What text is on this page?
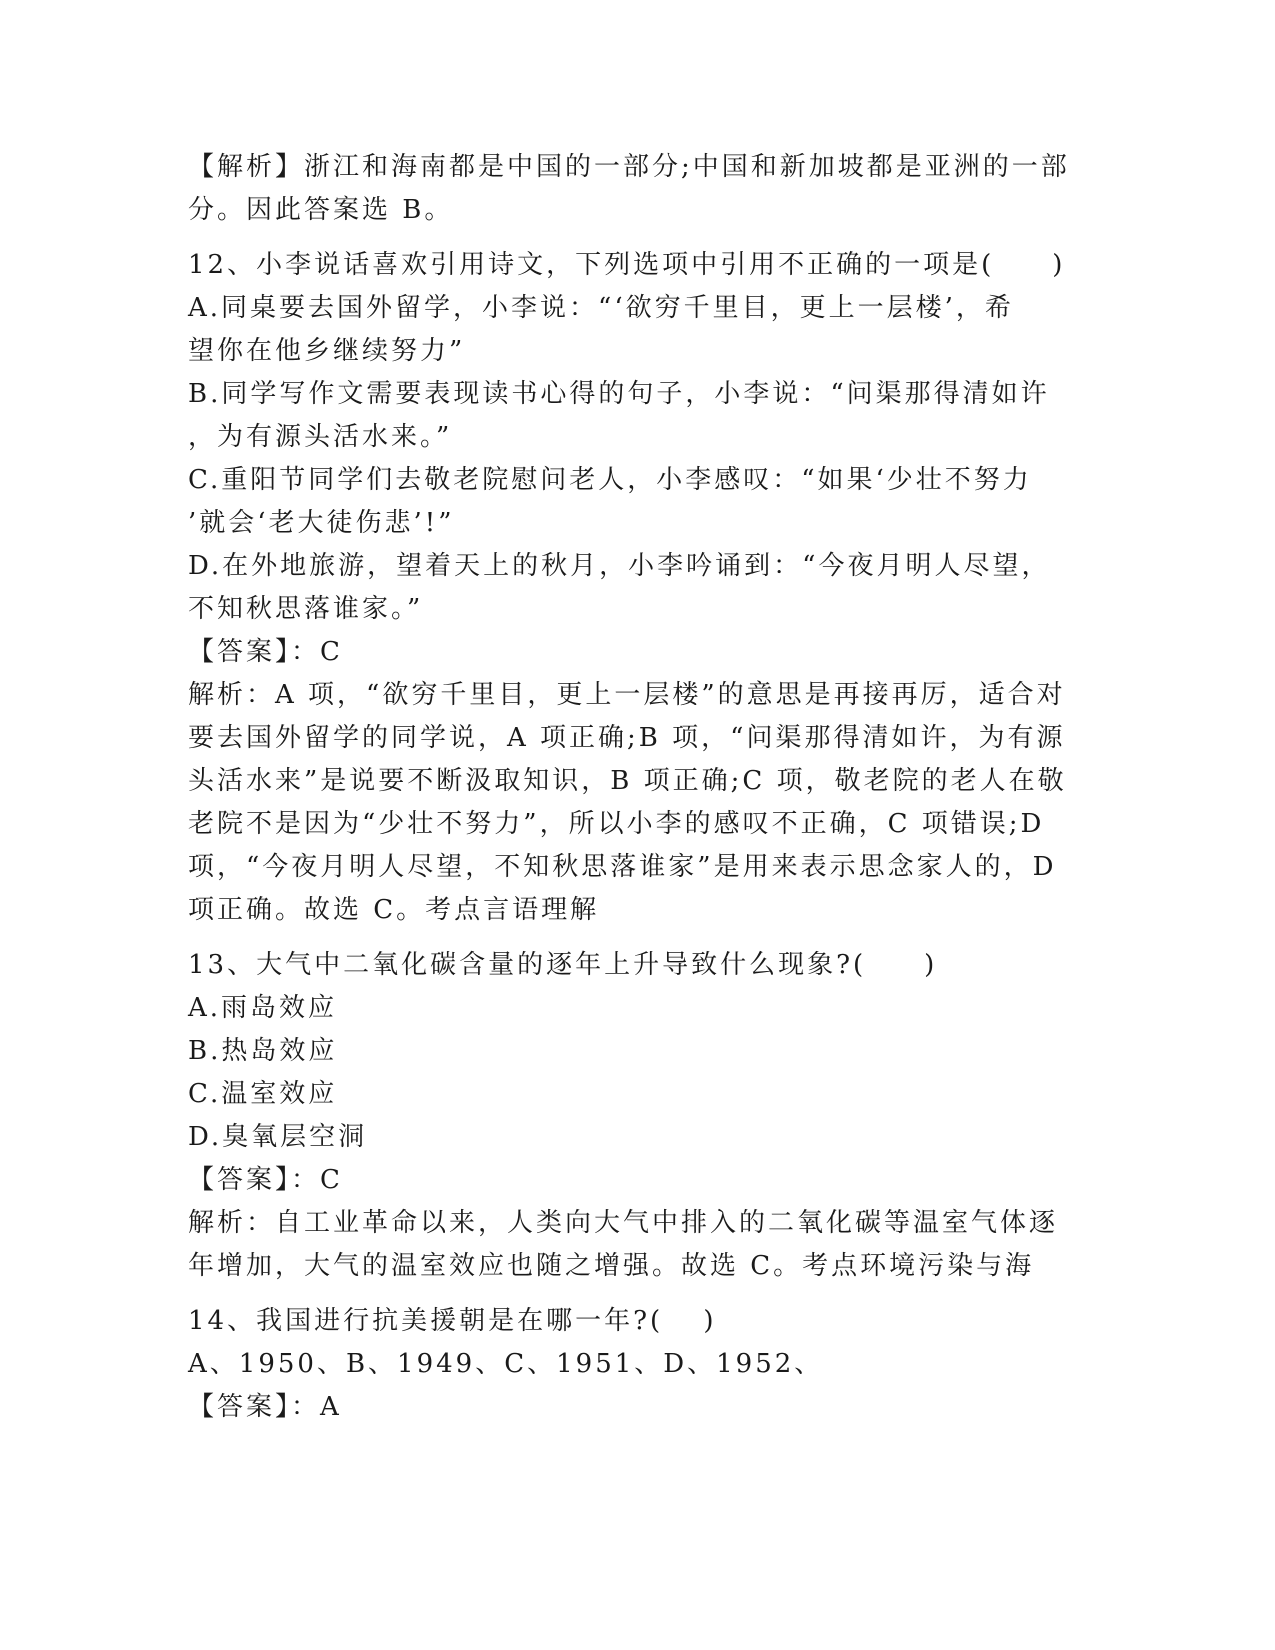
【解析】浙江和海南都是中国的一部分;中国和新加坡都是亚洲的一部
分。因此答案选 B。
12、小李说话喜欢引用诗文，下列选项中引用不正确的一项是(　　)
A.同桌要去国外留学，小李说：“‘欲穷千里目，更上一层楼’，希
望你在他乡继续努力”
B.同学写作文需要表现读书心得的句子，小李说：“问渠那得清如许
，为有源头活水来。”
C.重阳节同学们去敬老院慰问老人，小李感叹：“如果‘少壮不努力
’就会‘老大徒伤悲’!”
D.在外地旅游，望着天上的秋月，小李吟诵到：“今夜月明人尽望，
不知秋思落谁家。”
【答案】：C
解析：A 项，“欲穷千里目，更上一层楼”的意思是再接再厉，适合对
要去国外留学的同学说，A 项正确;B 项，“问渠那得清如许，为有源
头活水来”是说要不断汲取知识，B 项正确;C 项，敬老院的老人在敬
老院不是因为“少壮不努力”，所以小李的感叹不正确，C 项错误;D
项，“今夜月明人尽望，不知秋思落谁家”是用来表示思念家人的，D
项正确。故选 C。考点言语理解
13、大气中二氧化碳含量的逐年上升导致什么现象?(　　)
A.雨岛效应
B.热岛效应
C.温室效应
D.臭氧层空洞
【答案】：C
解析：自工业革命以来，人类向大气中排入的二氧化碳等温室气体逐
年增加，大气的温室效应也随之增强。故选 C。考点环境污染与海
14、我国进行抗美援朝是在哪一年?(　 )
A、1950、B、1949、C、1951、D、1952、
【答案】：A
